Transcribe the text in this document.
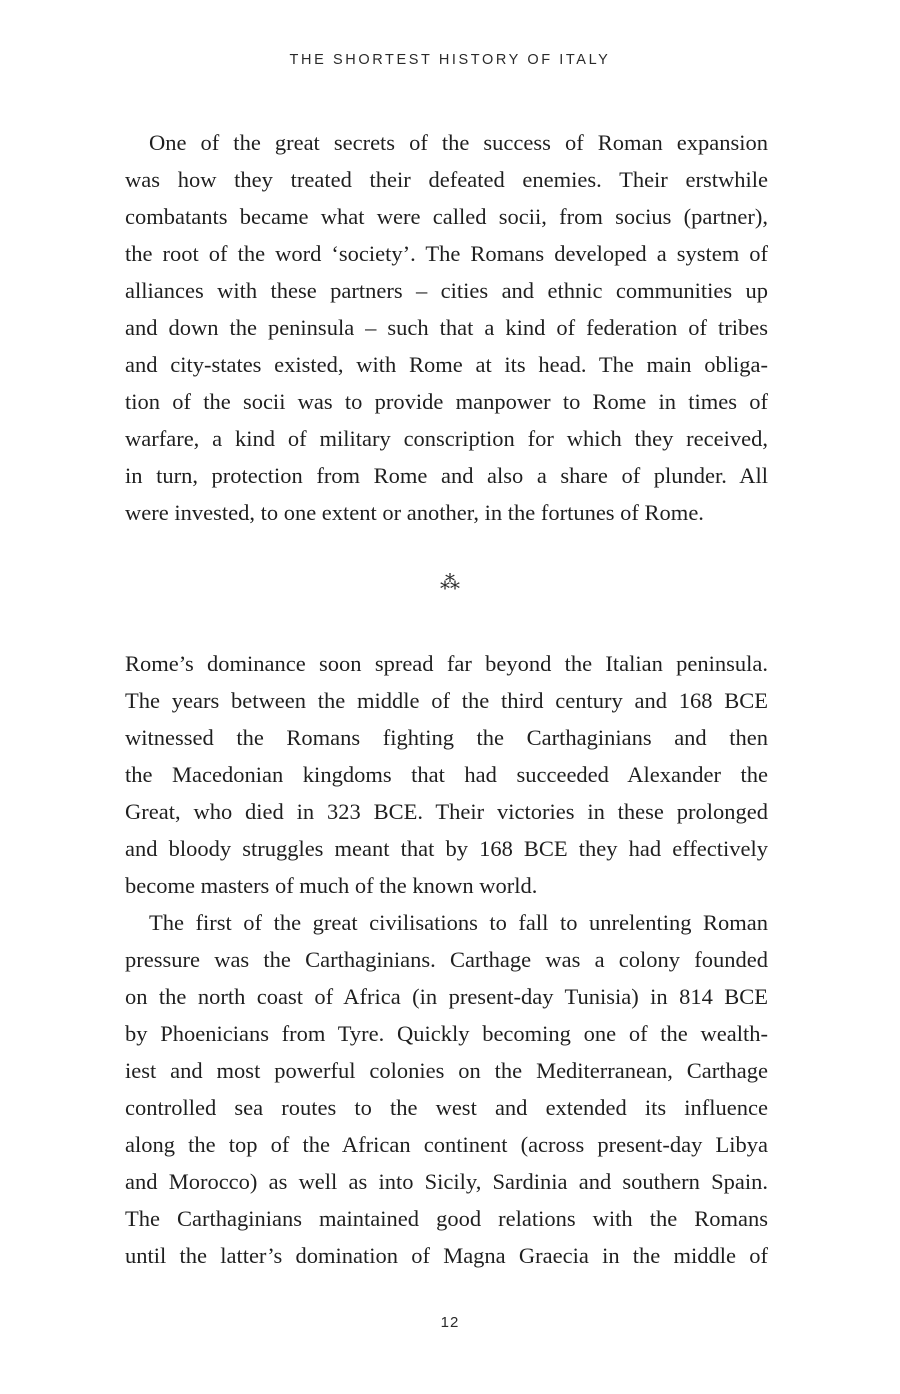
THE SHORTEST HISTORY OF ITALY
One of the great secrets of the success of Roman expansion
was how they treated their defeated enemies. Their erstwhile
combatants became what were called socii, from socius (partner),
the root of the word ‘society’. The Romans developed a system of
alliances with these partners – cities and ethnic communities up
and down the peninsula – such that a kind of federation of tribes
and city-states existed, with Rome at its head. The main obliga-
tion of the socii was to provide manpower to Rome in times of
warfare, a kind of military conscription for which they received,
in turn, protection from Rome and also a share of plunder. All
were invested, to one extent or another, in the fortunes of Rome.
⁂
Rome’s dominance soon spread far beyond the Italian peninsula.
The years between the middle of the third century and 168 BCE
witnessed the Romans fighting the Carthaginians and then
the Macedonian kingdoms that had succeeded Alexander the
Great, who died in 323 BCE. Their victories in these prolonged
and bloody struggles meant that by 168 BCE they had effectively
become masters of much of the known world.
The first of the great civilisations to fall to unrelenting Roman
pressure was the Carthaginians. Carthage was a colony founded
on the north coast of Africa (in present-day Tunisia) in 814 BCE
by Phoenicians from Tyre. Quickly becoming one of the wealth-
iest and most powerful colonies on the Mediterranean, Carthage
controlled sea routes to the west and extended its influence
along the top of the African continent (across present-day Libya
and Morocco) as well as into Sicily, Sardinia and southern Spain.
The Carthaginians maintained good relations with the Romans
until the latter’s domination of Magna Graecia in the middle of
12
